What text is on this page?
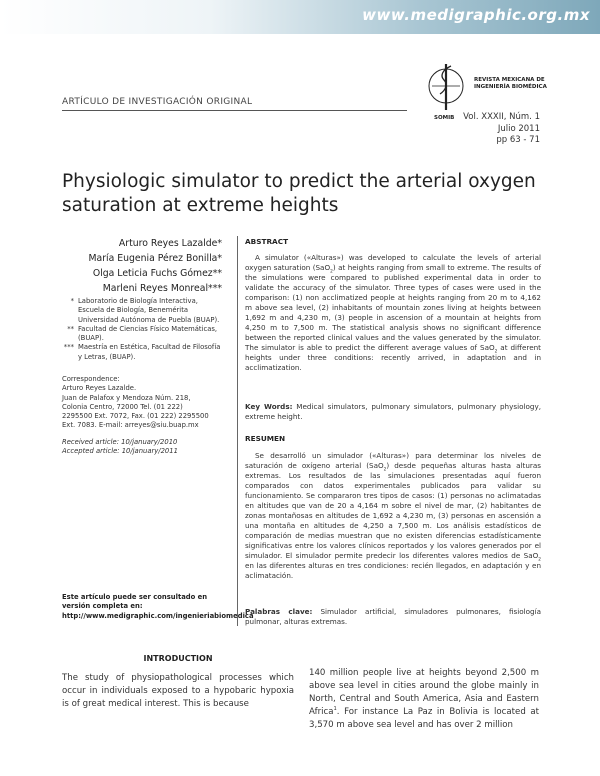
www.medigraphic.org.mx
ARTÍCULO DE INVESTIGACIÓN ORIGINAL
SOMIB
REVISTA MEXICANA DE
INGENIERÍA BIOMÉDICA
Vol. XXXII, Núm. 1
Julio 2011
pp 63 - 71
Physiologic simulator to predict the arterial oxygen saturation at extreme heights
Arturo Reyes Lazalde*
María Eugenia Pérez Bonilla*
Olga Leticia Fuchs Gómez**
Marleni Reyes Monreal***
* Laboratorio de Biología Interactiva, Escuela de Biología, Benemérita Universidad Autónoma de Puebla (BUAP).
** Facultad de Ciencias Físico Matemáticas, (BUAP).
*** Maestría en Estética, Facultad de Filosofía y Letras, (BUAP).
Correspondence:
Arturo Reyes Lazalde.
Juan de Palafox y Mendoza Núm. 218,
Colonia Centro, 72000 Tel. (01 222)
2295500 Ext. 7072, Fax. (01 222) 2295500
Ext. 7083. E-mail: arreyes@siu.buap.mx
Received article: 10/january/2010
Accepted article: 10/january/2011
Este artículo puede ser consultado en versión completa en: http://www.medigraphic.com/ingenieriabiomedica
ABSTRACT
A simulator («Alturas») was developed to calculate the levels of arterial oxygen saturation (SaO$_2$) at heights ranging from small to extreme. The results of the simulations were compared to published experimental data in order to validate the accuracy of the simulator. Three types of cases were used in the comparison: (1) non acclimatized people at heights ranging from 20 m to 4,162 m above sea level, (2) inhabitants of mountain zones living at heights between 1,692 m and 4,230 m, (3) people in ascension of a mountain at heights from 4,250 m to 7,500 m. The statistical analysis shows no significant difference between the reported clinical values and the values generated by the simulator. The simulator is able to predict the different average values of SaO$_2$ at different heights under three conditions: recently arrived, in adaptation and in acclimatization.
Key Words: Medical simulators, pulmonary simulators, pulmonary physiology, extreme height.
RESUMEN
Se desarrolló un simulador («Alturas») para determinar los niveles de saturación de oxígeno arterial (SaO$_2$) desde pequeñas alturas hasta alturas extremas. Los resultados de las simulaciones presentadas aquí fueron comparados con datos experimentales publicados para validar su funcionamiento. Se compararon tres tipos de casos: (1) personas no aclimatadas en altitudes que van de 20 a 4,164 m sobre el nivel de mar, (2) habitantes de zonas montañosas en altitudes de 1,692 a 4,230 m, (3) personas en ascensión a una montaña en altitudes de 4,250 a 7,500 m. Los análisis estadísticos de comparación de medias muestran que no existen diferencias estadísticamente significativas entre los valores clínicos reportados y los valores generados por el simulador. El simulador permite predecir los diferentes valores medios de SaO$_2$ en las diferentes alturas en tres condiciones: recién llegados, en adaptación y en aclimatación.
Palabras clave: Simulador artificial, simuladores pulmonares, fisiología pulmonar, alturas extremas.
INTRODUCTION
The study of physiopathological processes which occur in individuals exposed to a hypobaric hypoxia is of great medical interest. This is because
140 million people live at heights beyond 2,500 m above sea level in cities around the globe mainly in North, Central and South America, Asia and Eastern Africa$^1$. For instance La Paz in Bolivia is located at 3,570 m above sea level and has over 2 million
